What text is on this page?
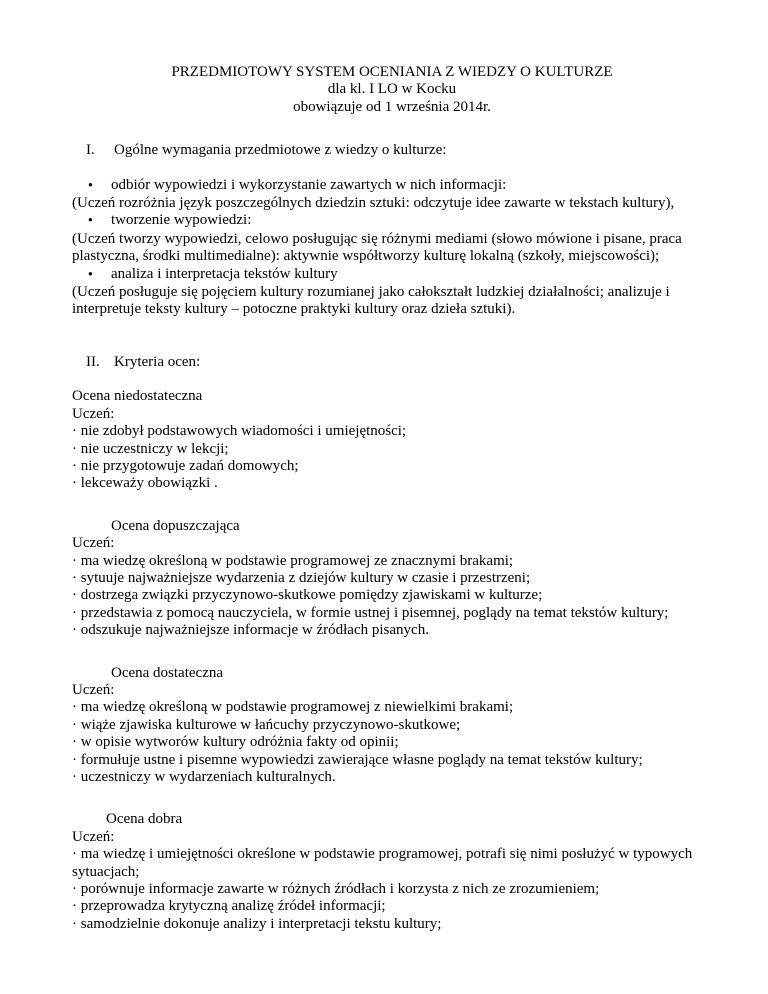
PRZEDMIOTOWY SYSTEM OCENIANIA Z WIEDZY O KULTURZE
dla kl. I LO w Kocku
obowiązuje od 1 września 2014r.
I.	Ogólne wymagania przedmiotowe z wiedzy o kulturze:
●
odbiór wypowiedzi i wykorzystanie zawartych w nich informacji:
(Uczeń rozróżnia język poszczególnych dziedzin sztuki: odczytuje idee zawarte w tekstach kultury),
●
tworzenie wypowiedzi:
(Uczeń tworzy wypowiedzi, celowo posługując się różnymi mediami (słowo mówione i pisane, praca plastyczna, środki multimedialne): aktywnie współtworzy kulturę lokalną (szkoły, miejscowości);
●
analiza i interpretacja tekstów kultury
(Uczeń posługuje się pojęciem kultury rozumianej jako całokształt ludzkiej działalności; analizuje i interpretuje teksty kultury – potoczne praktyki kultury oraz dzieła sztuki).
II. Kryteria ocen:
Ocena niedostateczna
Uczeń:
· nie zdobył podstawowych wiadomości i umiejętności;
· nie uczestniczy w lekcji;
· nie przygotowuje zadań domowych;
· lekceważy obowiązki .
Ocena dopuszczająca
Uczeń:
· ma wiedzę określoną w podstawie programowej ze znacznymi brakami;
· sytuuje najważniejsze wydarzenia z dziejów kultury w czasie i przestrzeni;
· dostrzega związki przyczynowo-skutkowe pomiędzy zjawiskami w kulturze;
· przedstawia z pomocą nauczyciela, w formie ustnej i pisemnej, poglądy na temat tekstów kultury;
· odszukuje najważniejsze informacje w źródłach pisanych.
Ocena dostateczna
Uczeń:
· ma wiedzę określoną w podstawie programowej z niewielkimi brakami;
· wiąże zjawiska kulturowe w łańcuchy przyczynowo-skutkowe;
· w opisie wytworów kultury odróżnia fakty od opinii;
· formułuje ustne i pisemne wypowiedzi zawierające własne poglądy na temat tekstów kultury;
· uczestniczy w wydarzeniach kulturalnych.
Ocena dobra
Uczeń:
· ma wiedzę i umiejętności określone w podstawie programowej, potrafi się nimi posłużyć w typowych sytuacjach;
· porównuje informacje zawarte w różnych źródłach i korzysta z nich ze zrozumieniem;
· przeprowadza krytyczną analizę źródeł informacji;
· samodzielnie dokonuje analizy i interpretacji tekstu kultury;
